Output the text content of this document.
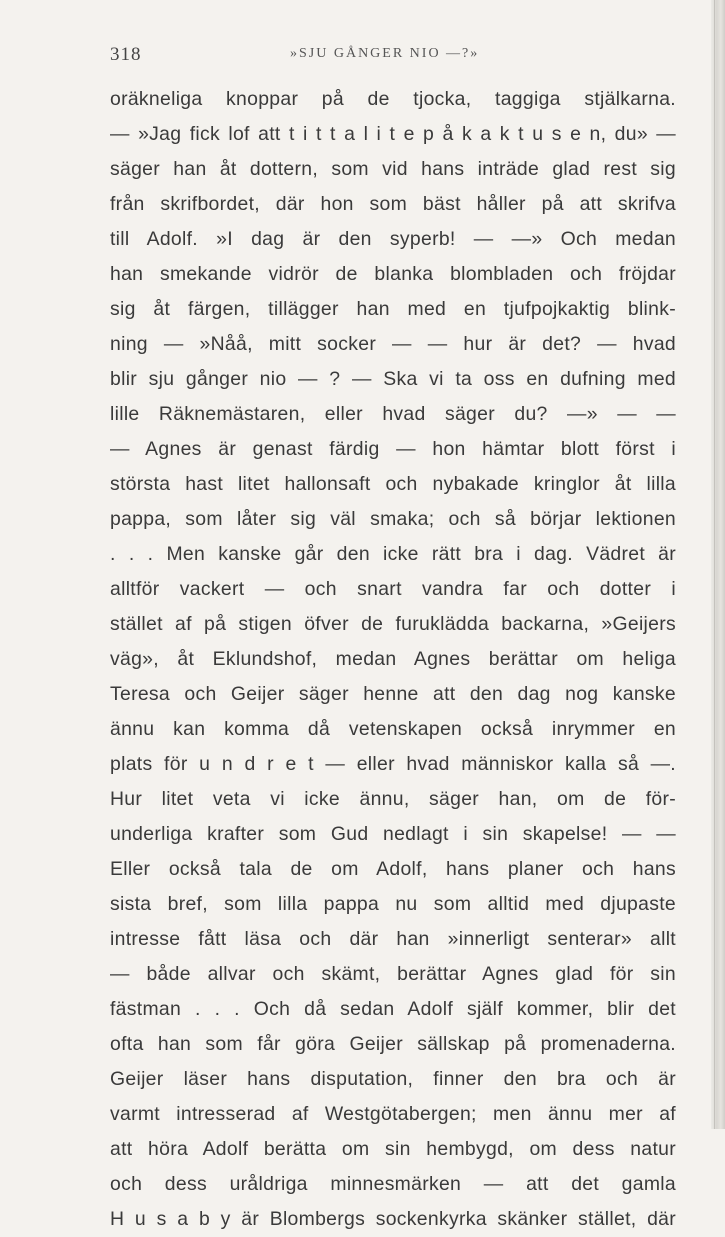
318	»SJU GÅNGER NIO —?»
oräkneliga knoppar på de tjocka, taggiga stjälkarna.
— »Jag fick lof att t i t t a l i t e p å k a k t u s e n, du» —
säger han åt dottern, som vid hans inträde glad rest sig
från skrifbordet, där hon som bäst håller på att skrifva
till Adolf. »I dag är den syperb! — —» Och medan
han smekande vidrör de blanka blombladen och fröjdar
sig åt färgen, tillägger han med en tjufpojkaktig blink-
ning — »Nåå, mitt socker — — hur är det? — hvad
blir sju gånger nio — ? — Ska vi ta oss en dufning med
lille Räknemästaren, eller hvad säger du? —» — —
— Agnes är genast färdig — hon hämtar blott först i
största hast litet hallonsaft och nybakade kringlor åt lilla
pappa, som låter sig väl smaka; och så börjar lektionen
. . . Men kanske går den icke rätt bra i dag. Vädret är
alltför vackert — och snart vandra far och dotter i
stället af på stigen öfver de furuklädda backarna, »Geijers
väg», åt Eklundshof, medan Agnes berättar om heliga
Teresa och Geijer säger henne att den dag nog kanske
ännu kan komma då vetenskapen också inrymmer en
plats för u n d r e t — eller hvad människor kalla så —.
Hur litet veta vi icke ännu, säger han, om de för-
underliga krafter som Gud nedlagt i sin skapelse! — —
Eller också tala de om Adolf, hans planer och hans
sista bref, som lilla pappa nu som alltid med djupaste
intresse fått läsa och där han »innerligt senterar» allt
— både allvar och skämt, berättar Agnes glad för sin
fästman . . . Och då sedan Adolf själf kommer, blir det
ofta han som får göra Geijer sällskap på promenaderna.
Geijer läser hans disputation, finner den bra och är
varmt intresserad af Westgötabergen; men ännu mer af
att höra Adolf berätta om sin hembygd, om dess natur
och dess uråldriga minnesmärken — att det gamla
H u s a b y är Blombergs sockenkyrka skänker stället, där
